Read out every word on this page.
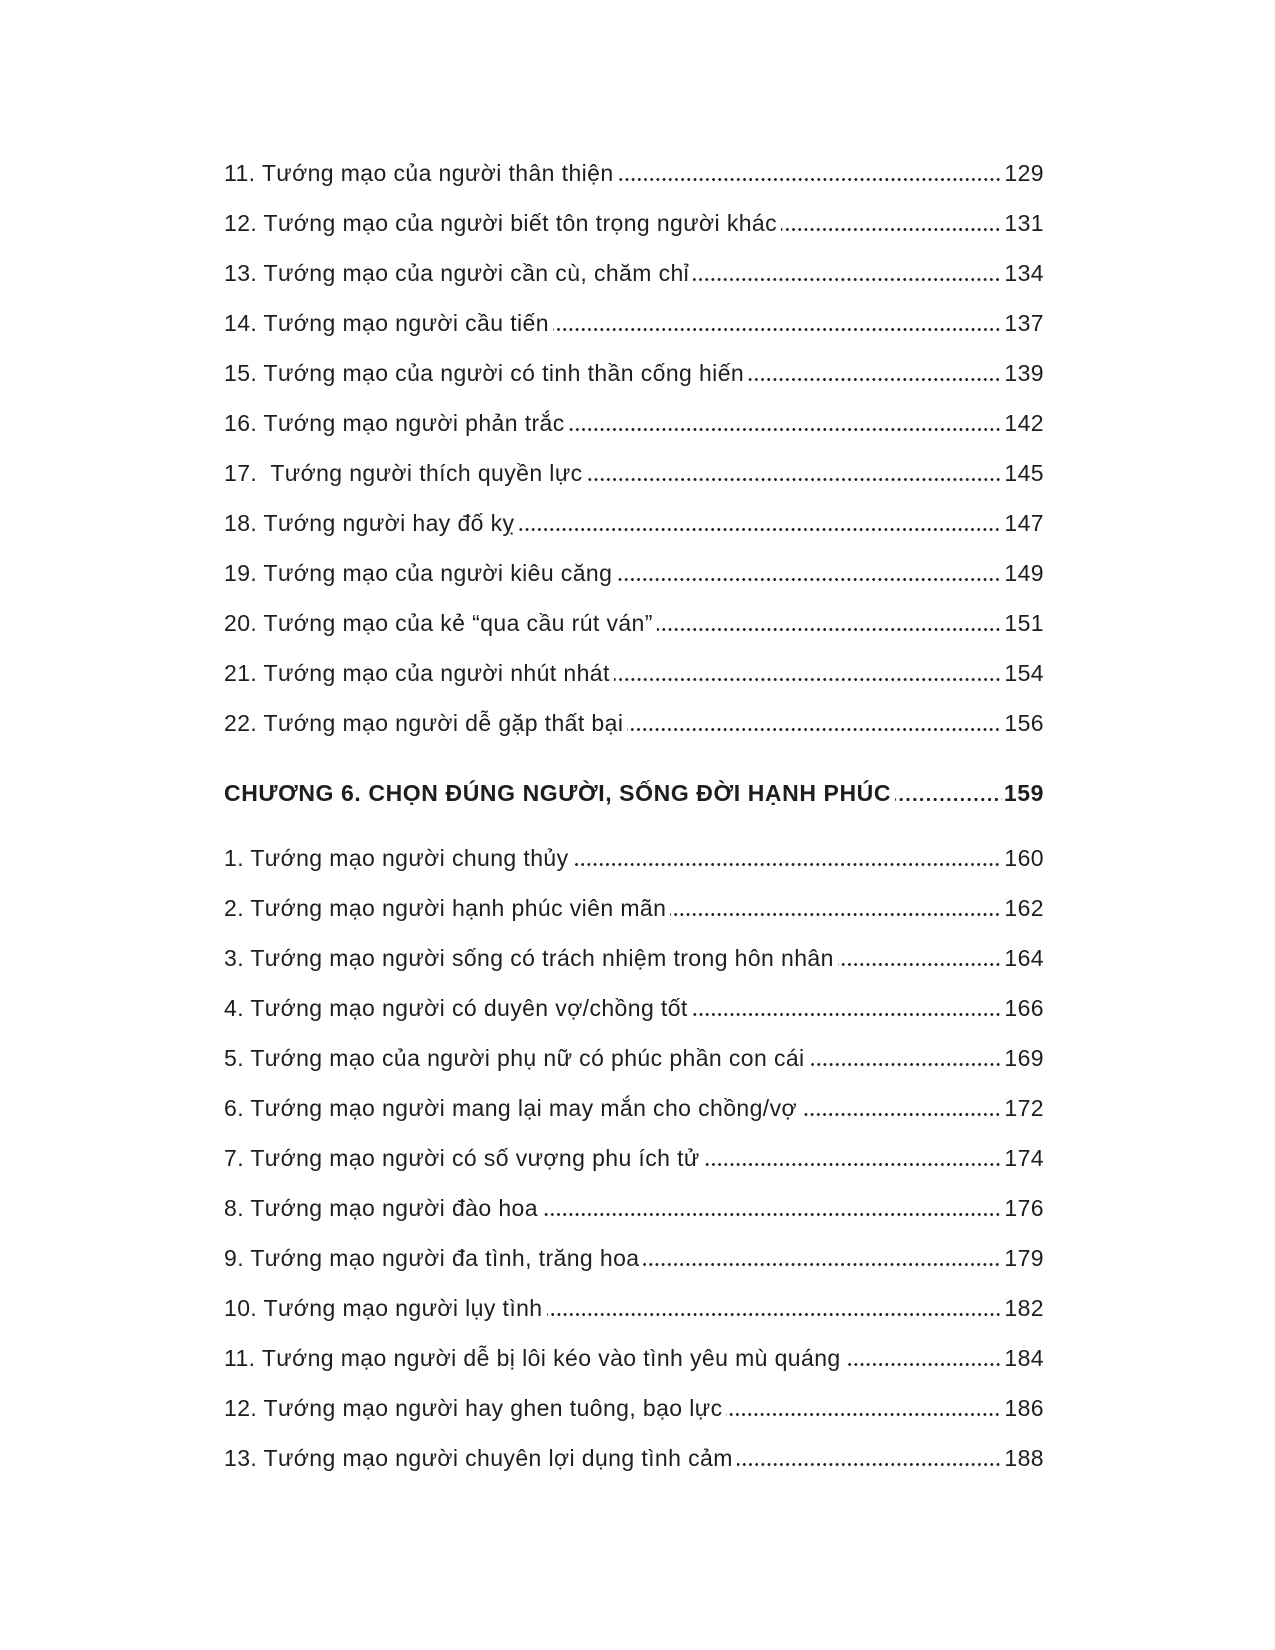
11. Tướng mạo của người thân thiện	129
12. Tướng mạo của người biết tôn trọng người khác	131
13. Tướng mạo của người cần cù, chăm chỉ	134
14. Tướng mạo người cầu tiến	137
15. Tướng mạo của người có tinh thần cống hiến	139
16. Tướng mạo người phản trắc	142
17.  Tướng người thích quyền lực	145
18. Tướng người hay đố kỵ	147
19. Tướng mạo của người kiêu căng	149
20. Tướng mạo của kẻ “qua cầu rút ván”	151
21. Tướng mạo của người nhút nhát	154
22. Tướng mạo người dễ gặp thất bại	156
CHƯƠNG 6. CHỌN ĐÚNG NGƯỜI, SỐNG ĐỜI HẠNH PHÚC	159
1. Tướng mạo người chung thủy	160
2. Tướng mạo người hạnh phúc viên mãn	162
3. Tướng mạo người sống có trách nhiệm trong hôn nhân	164
4. Tướng mạo người có duyên vợ/chồng tốt	166
5. Tướng mạo của người phụ nữ có phúc phần con cái	169
6. Tướng mạo người mang lại may mắn cho chồng/vợ	172
7. Tướng mạo người có số vượng phu ích tử	174
8. Tướng mạo người đào hoa	176
9. Tướng mạo người đa tình, trăng hoa	179
10. Tướng mạo người lụy tình	182
11. Tướng mạo người dễ bị lôi kéo vào tình yêu mù quáng	184
12. Tướng mạo người hay ghen tuông, bạo lực	186
13. Tướng mạo người chuyên lợi dụng tình cảm	188
